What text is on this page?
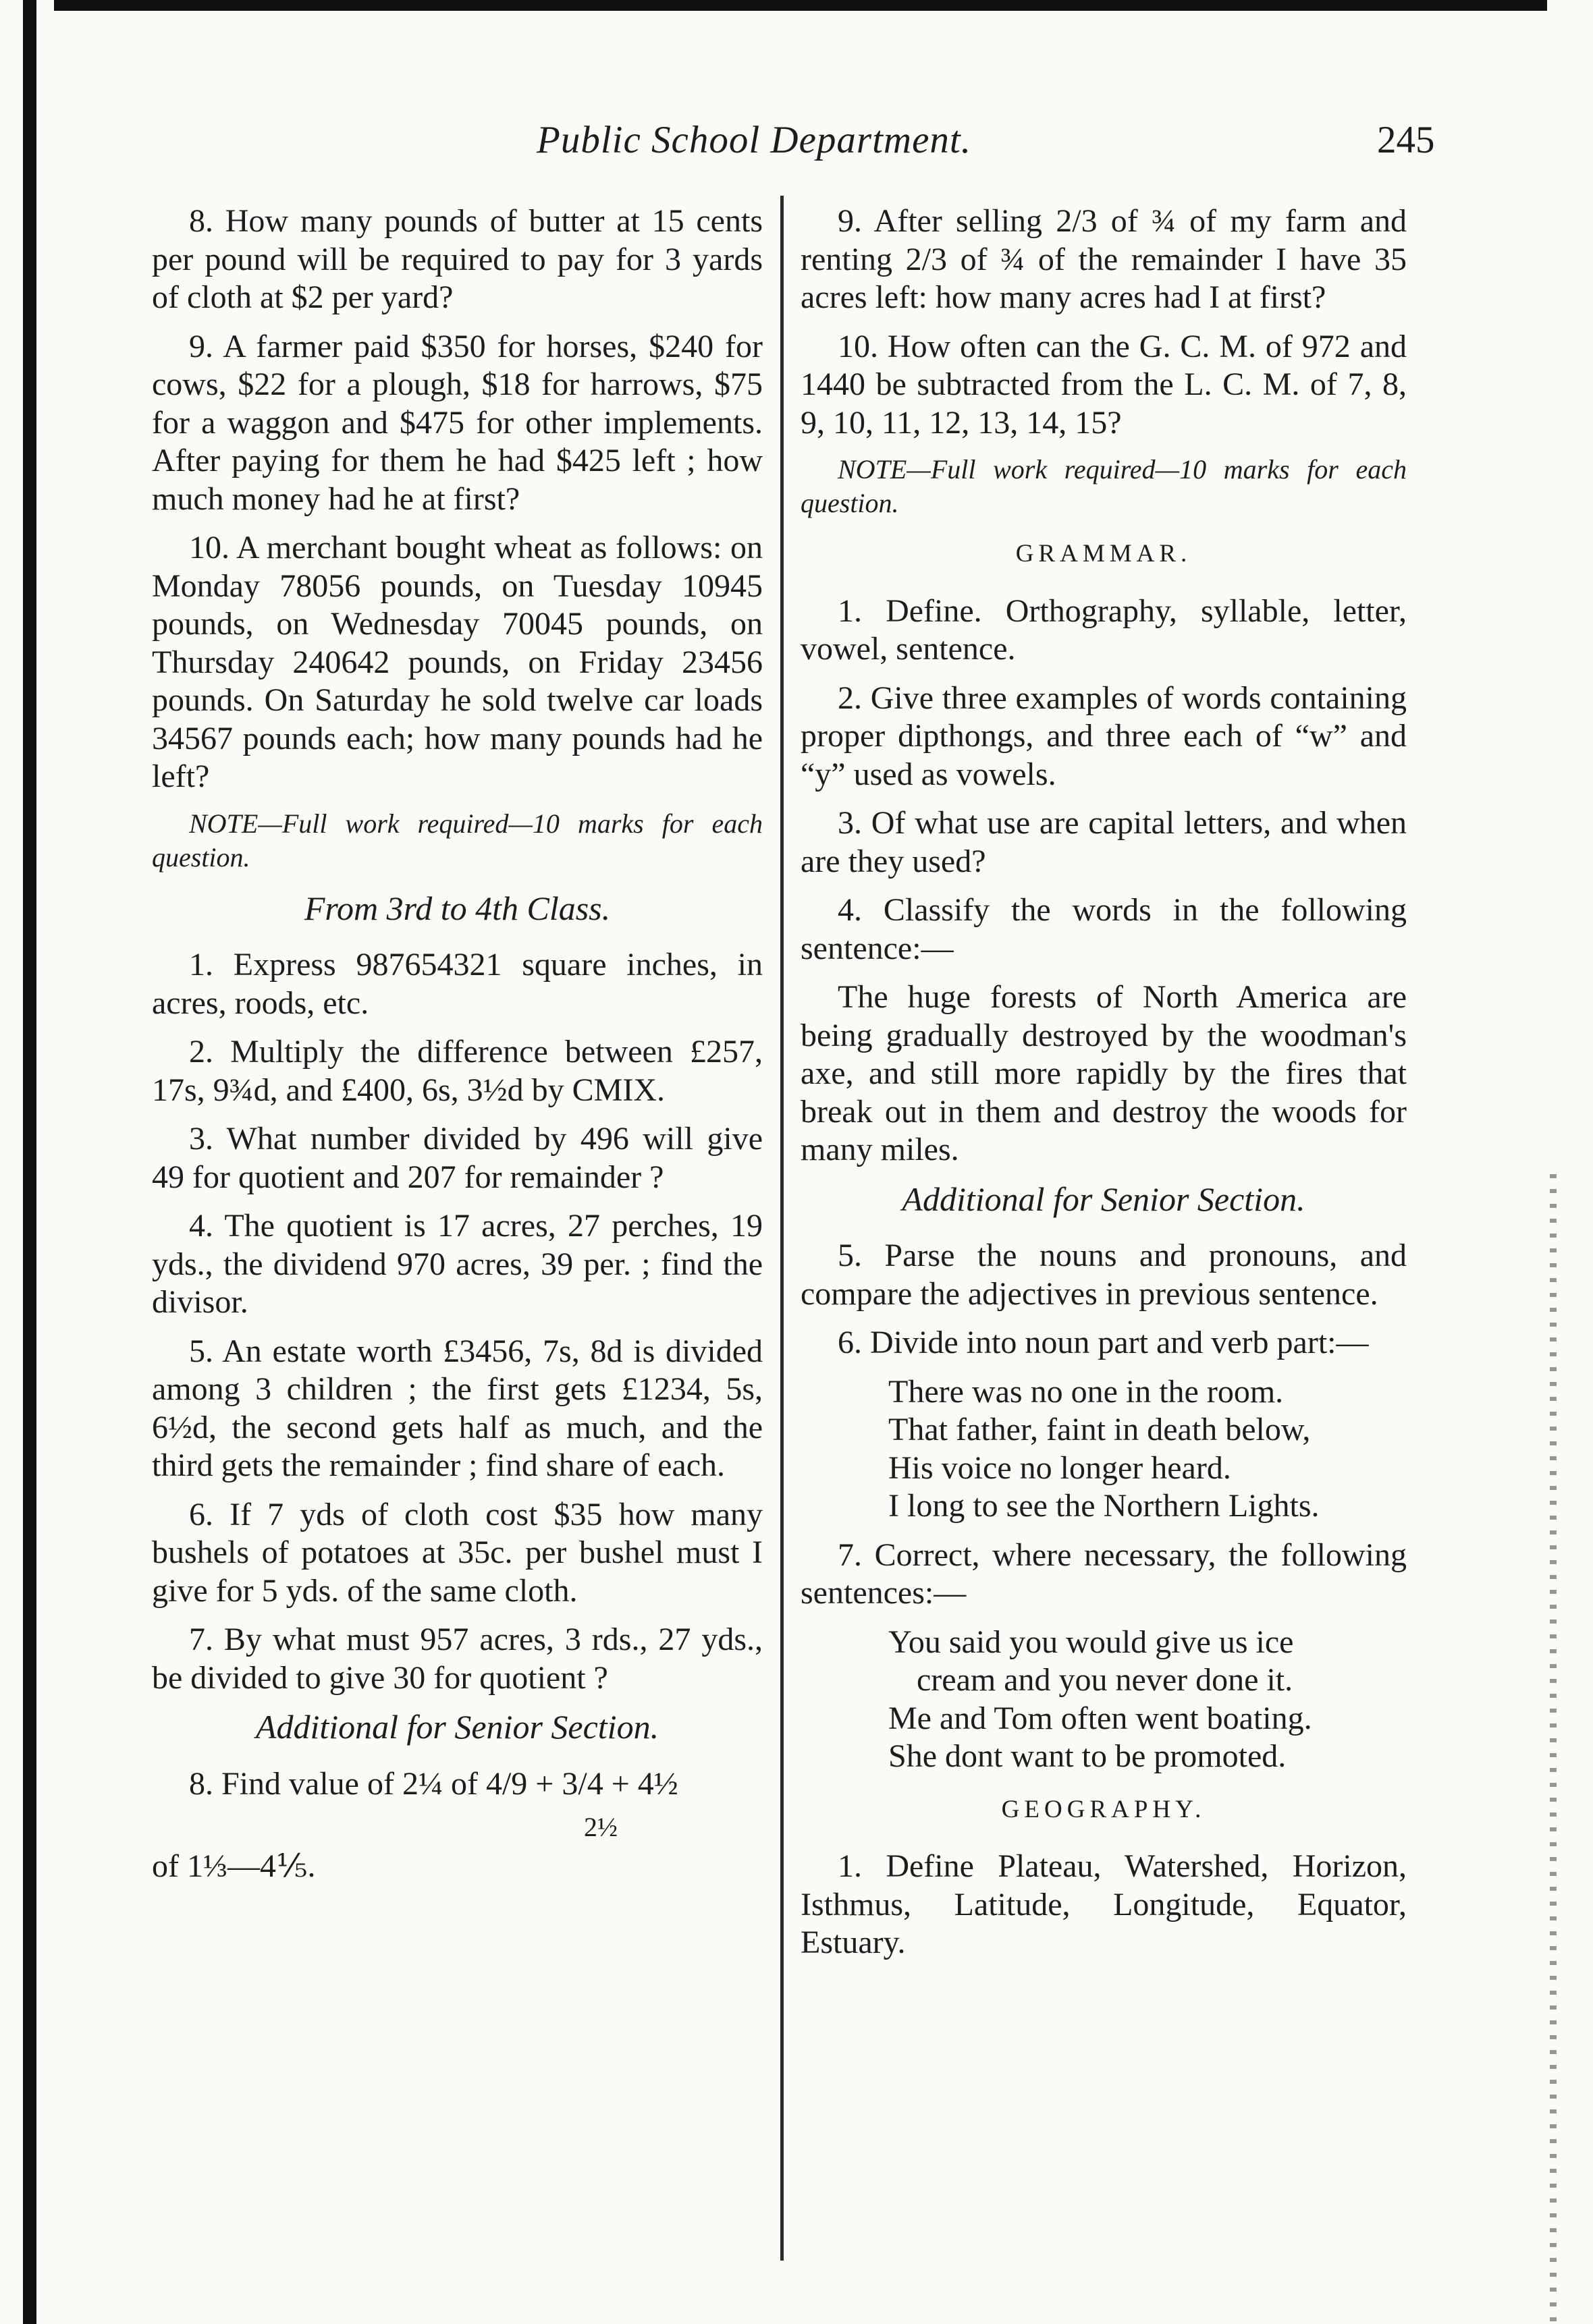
Public School Department.	245

8. How many pounds of butter at 15 cents per pound will be required to pay for 3 yards of cloth at $2 per yard?

9. A farmer paid $350 for horses, $240 for cows, $22 for a plough, $18 for harrows, $75 for a waggon and $475 for other implements. After paying for them he had $425 left ; how much money had he at first?

10. A merchant bought wheat as follows: on Monday 78056 pounds, on Tuesday 10945 pounds, on Wednesday 70045 pounds, on Thursday 240642 pounds, on Friday 23456 pounds. On Saturday he sold twelve car loads 34567 pounds each; how many pounds had he left?

NOTE—Full work required—10 marks for each question.

From 3rd to 4th Class.

1. Express 987654321 square inches, in acres, roods, etc.

2. Multiply the difference between £257, 17s, 9¾d, and £400, 6s, 3½d by CMIX.

3. What number divided by 496 will give 49 for quotient and 207 for remainder ?

4. The quotient is 17 acres, 27 perches, 19 yds., the dividend 970 acres, 39 per. ; find the divisor.

5. An estate worth £3456, 7s, 8d is divided among 3 children ; the first gets £1234, 5s, 6½d, the second gets half as much, and the third gets the remainder ; find share of each.

6. If 7 yds of cloth cost $35 how many bushels of potatoes at 35c. per bushel must I give for 5 yds. of the same cloth.

7. By what must 957 acres, 3 rds., 27 yds., be divided to give 30 for quotient ?

Additional for Senior Section.

8. Find value of 2¼ of 4/9 + 3/4 + 4½

2½
of 1⅓—4⅕.

9. After selling 2/3 of ¾ of my farm and renting 2/3 of ¾ of the remainder I have 35 acres left: how many acres had I at first?

10. How often can the G. C. M. of 972 and 1440 be subtracted from the L. C. M. of 7, 8, 9, 10, 11, 12, 13, 14, 15?

NOTE—Full work required—10 marks for each question.

GRAMMAR.

1. Define. Orthography, syllable, letter, vowel, sentence.

2. Give three examples of words containing proper dipthongs, and three each of “w” and “y” used as vowels.

3. Of what use are capital letters, and when are they used?

4. Classify the words in the following sentence:—

The huge forests of North America are being gradually destroyed by the woodman's axe, and still more rapidly by the fires that break out in them and destroy the woods for many miles.

Additional for Senior Section.

5. Parse the nouns and pronouns, and compare the adjectives in previous sentence.

6. Divide into noun part and verb part:—

There was no one in the room.
That father, faint in death below,
His voice no longer heard.
I long to see the Northern Lights.

7. Correct, where necessary, the following sentences:—

You said you would give us ice
cream and you never done it.
Me and Tom often went boating.
She dont want to be promoted.
GEOGRAPHY.

1. Define Plateau, Watershed, Horizon, Isthmus, Latitude, Longitude, Equator, Estuary.
